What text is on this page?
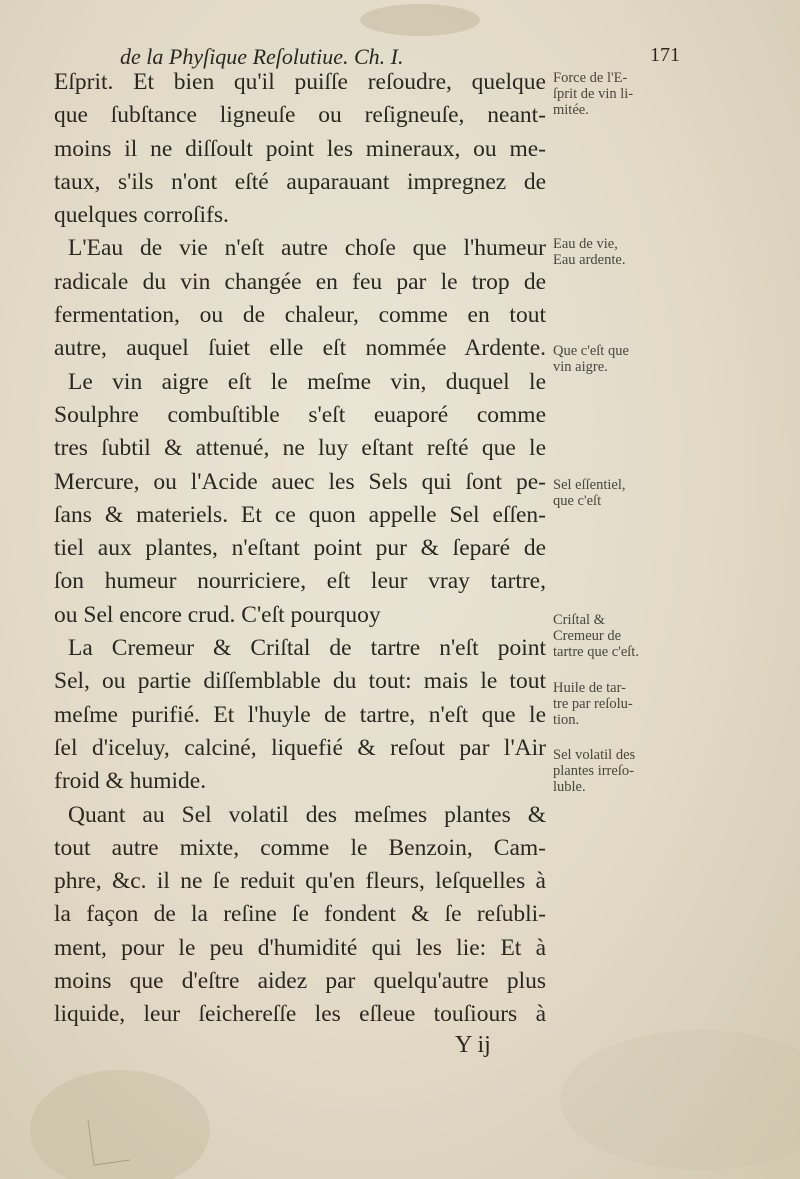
de la Phyſique Reſolutiue. Ch. I.	171
Eſprit. Et bien qu'il puiſſe reſoudre, quelque
que ſubſtance ligneuſe ou reſigneuſe, neant-
moins il ne diſſoult point les mineraux, ou me-
taux, s'ils n'ont eſté auparauant impregnez de
quelques corroſifs.
L'Eau de vie n'eſt autre choſe que l'humeur
radicale du vin changée en feu par le trop de
fermentation, ou de chaleur, comme en tout
autre, auquel ſuiet elle eſt nommée Ardente.
Le vin aigre eſt le meſme vin, duquel le
Soulphre combuſtible s'eſt euaporé comme
tres ſubtil & attenué, ne luy eſtant reſté que le
Mercure, ou l'Acide auec les Sels qui ſont pe-
ſans & materiels. Et ce quon appelle Sel eſſen-
tiel aux plantes, n'eſtant point pur & ſeparé de
ſon humeur nourriciere, eſt leur vray tartre,
ou Sel encore crud. C'eſt pourquoy
La Cremeur & Criſtal de tartre n'eſt point
Sel, ou partie diſſemblable du tout: mais le tout
meſme purifié. Et l'huyle de tartre, n'eſt que le
ſel d'iceluy, calciné, liquefié & reſout par l'Air
froid & humide.
Quant au Sel volatil des meſmes plantes &
tout autre mixte, comme le Benzoin, Cam-
phre, &c. il ne ſe reduit qu'en fleurs, leſquelles à
la façon de la reſine ſe fondent & ſe reſubli-
ment, pour le peu d'humidité qui les lie: Et à
moins que d'eſtre aidez par quelqu'autre plus
liquide, leur ſeichereſſe les eſleue touſiours à
Y ij
Force de l'E-
ſprit de vin li-
mitée.
Eau de vie,
Eau ardente.
Que c'eſt que
vin aigre.
Sel eſſentiel,
que c'eſt
Criſtal &
Cremeur de
tartre que c'eſt.
Huile de tar-
tre par reſolu-
tion.
Sel volatil des
plantes irreſo-
luble.
